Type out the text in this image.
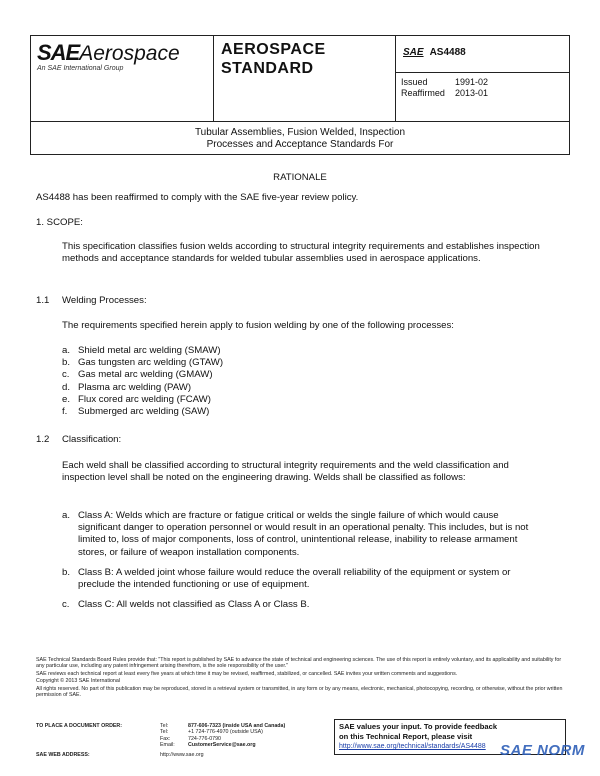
SAEAerospace
An SAE International Group
AEROSPACE
STANDARD
SAE AS4488
Issued	1991-02
Reaffirmed 2013-01
Tubular Assemblies, Fusion Welded, Inspection
Processes and Acceptance Standards For
RATIONALE
AS4488 has been reaffirmed to comply with the SAE five-year review policy.
1. SCOPE:
This specification classifies fusion welds according to structural integrity requirements and establishes inspection methods and acceptance standards for welded tubular assemblies used in aerospace applications.
1.1 Welding Processes:
The requirements specified herein apply to fusion welding by one of the following processes:
a. Shield metal arc welding (SMAW)
b. Gas tungsten arc welding (GTAW)
c. Gas metal arc welding (GMAW)
d. Plasma arc welding (PAW)
e. Flux cored arc welding (FCAW)
f.	Submerged arc welding (SAW)
1.2 Classification:
Each weld shall be classified according to structural integrity requirements and the weld classification and inspection level shall be noted on the engineering drawing. Welds shall be classified as follows:
a. Class A: Welds which are fracture or fatigue critical or welds the single failure of which would cause significant danger to operation personnel or would result in an operational penalty. This includes, but is not limited to, loss of major components, loss of control, unintentional release, inability to release armament stores, or failure of weapon installation components.
b. Class B: A welded joint whose failure would reduce the overall reliability of the equipment or system or preclude the intended functioning or use of equipment.
c. Class C: All welds not classified as Class A or Class B.
SAE Technical Standards Board Rules provide that: "This report is published by SAE to advance the state of technical and engineering sciences. The use of this report is entirely voluntary, and its applicability and suitability for any particular use, including any patent infringement arising therefrom, is the sole responsibility of the user."
SAE reviews each technical report at least every five years at which time it may be revised, reaffirmed, stabilized, or cancelled. SAE invites your written comments and suggestions.
Copyright © 2013 SAE International
All rights reserved. No part of this publication may be reproduced, stored in a retrieval system or transmitted, in any form or by any means, electronic, mechanical, photocopying, recording, or otherwise, without the prior written permission of SAE.
TO PLACE A DOCUMENT ORDER:	Tel:	877-606-7323 (inside USA and Canada)
Tel:	+1 724-776-4970 (outside USA)
Fax:	724-776-0790
Email:	CustomerService@sae.org
SAE WEB ADDRESS:	http://www.sae.org
SAE values your input. To provide feedback
on this Technical Report, please visit
http://www.sae.org/technical/standards/AS4488 SAE NORM
